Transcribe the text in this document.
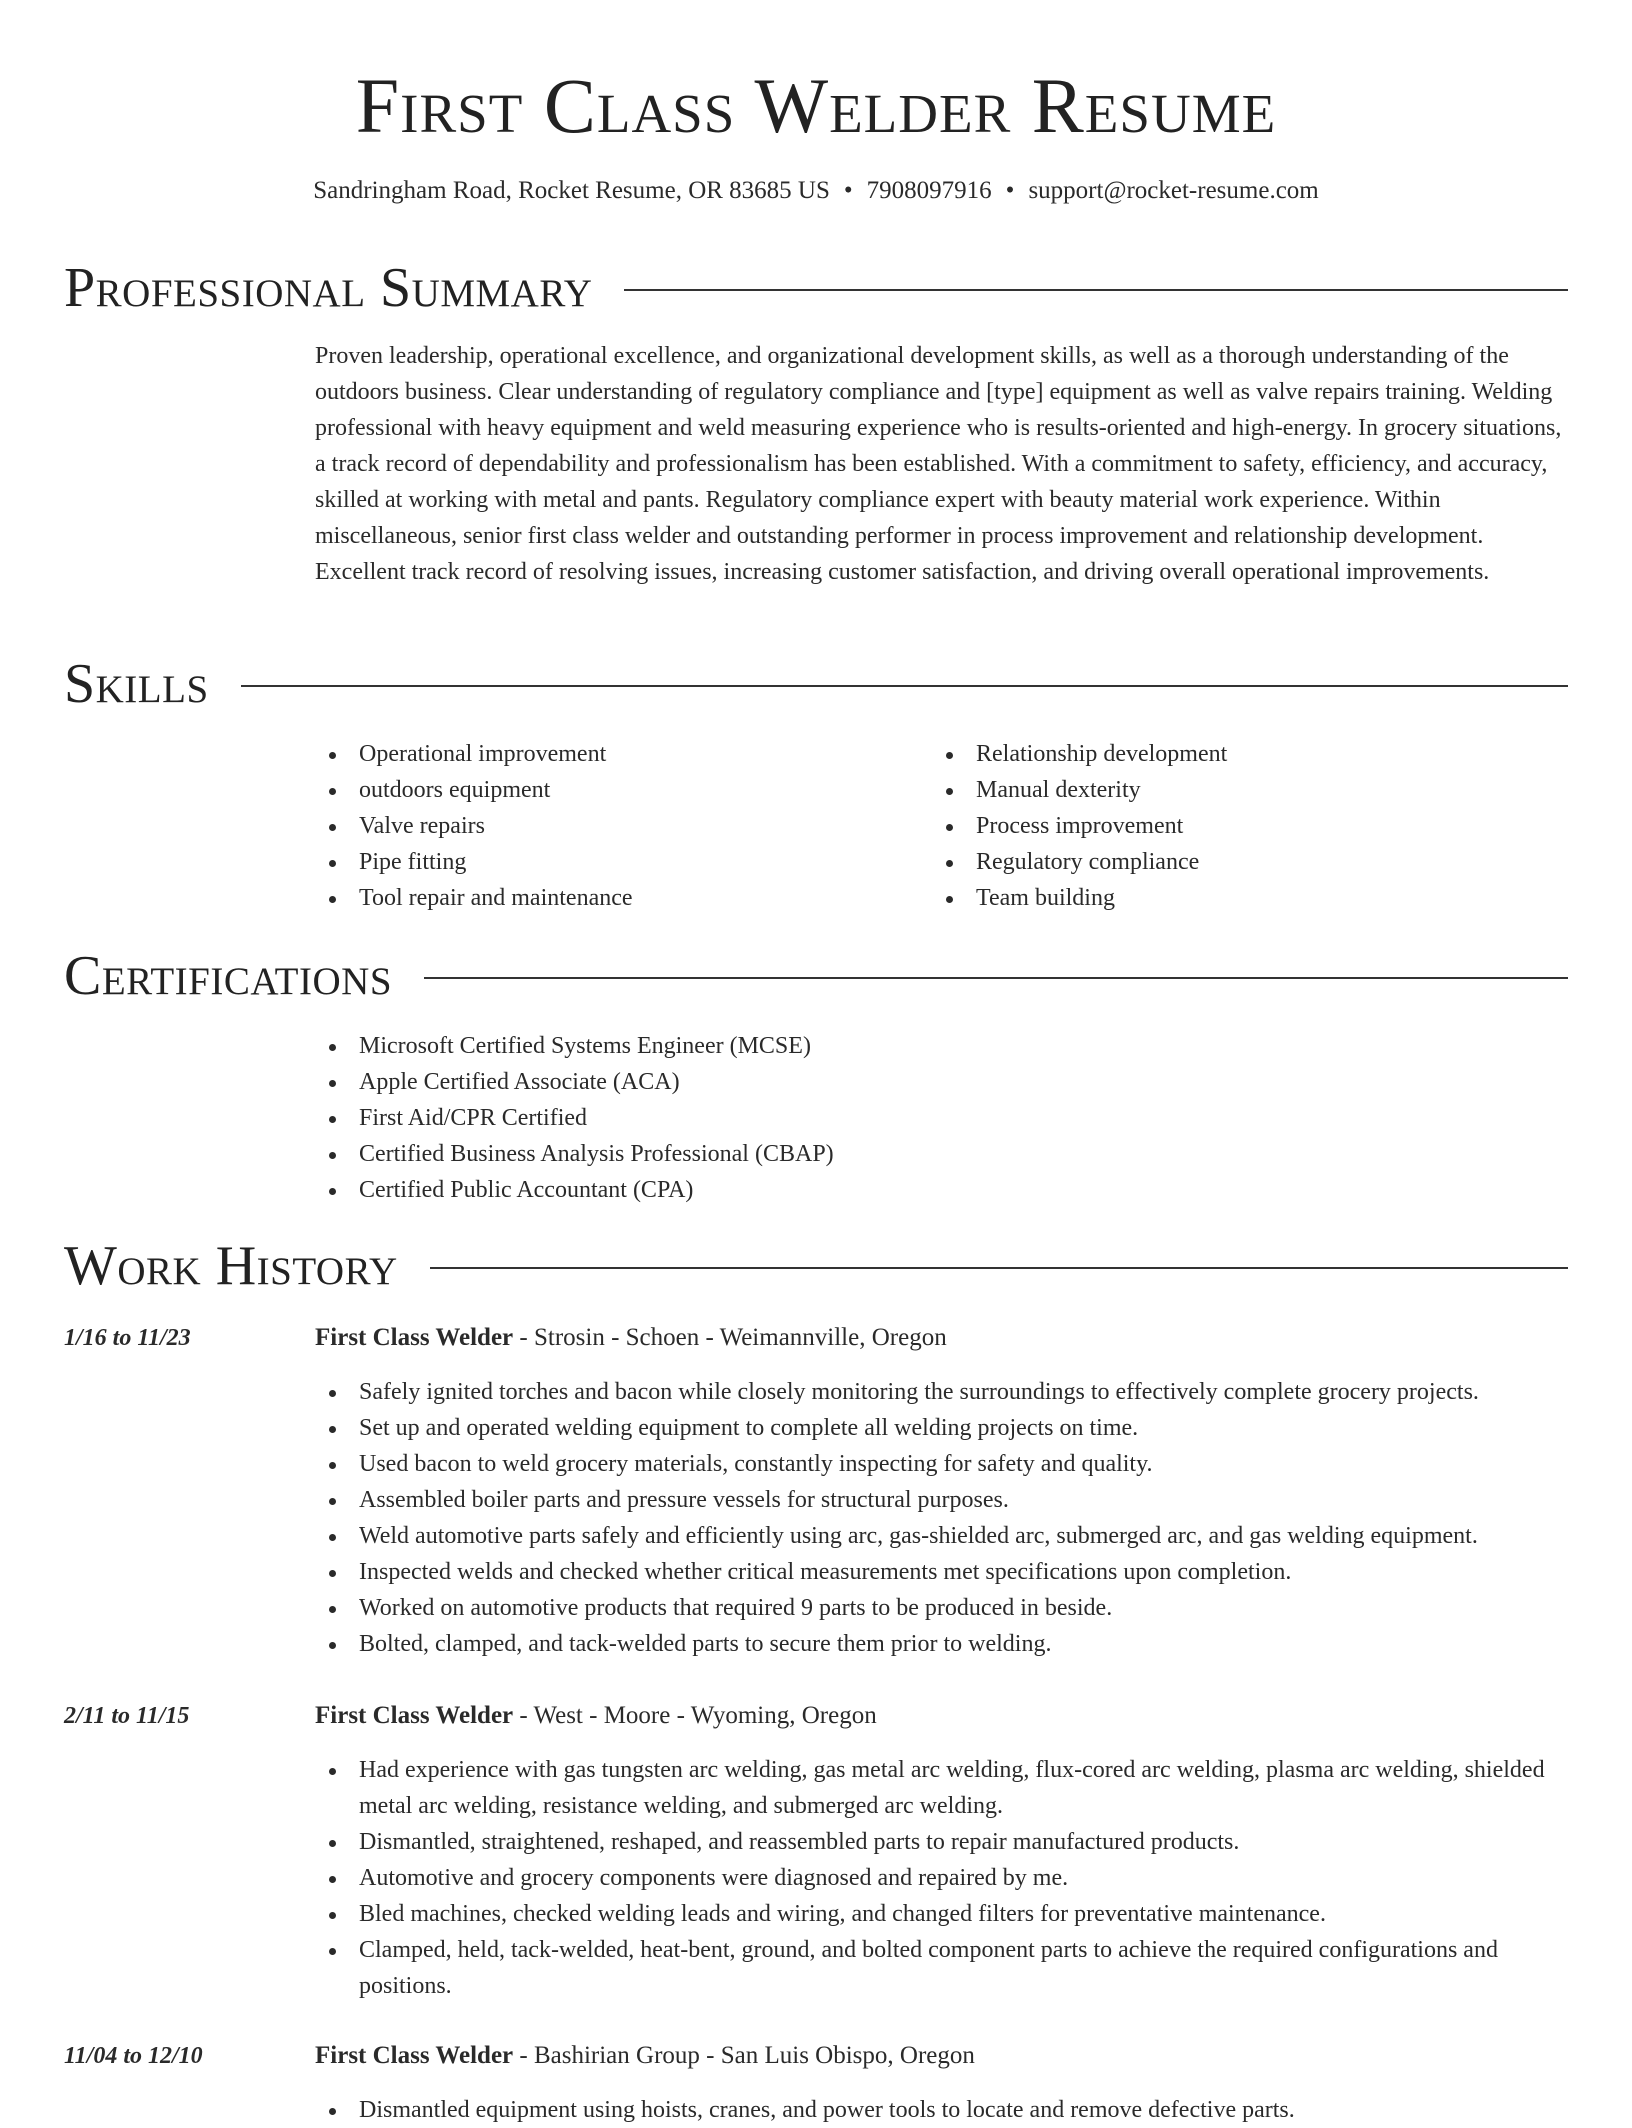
First Class Welder Resume
Sandringham Road, Rocket Resume, OR 83685 US • 7908097916 • support@rocket-resume.com
Professional Summary

Proven leadership, operational excellence, and organizational development skills, as well as a thorough understanding of the outdoors business. Clear understanding of regulatory compliance and [type] equipment as well as valve repairs training. Welding professional with heavy equipment and weld measuring experience who is results-oriented and high-energy. In grocery situations, a track record of dependability and professionalism has been established. With a commitment to safety, efficiency, and accuracy, skilled at working with metal and pants. Regulatory compliance expert with beauty material work experience. Within miscellaneous, senior first class welder and outstanding performer in process improvement and relationship development. Excellent track record of resolving issues, increasing customer satisfaction, and driving overall operational improvements.

Skills
Operational improvement
outdoors equipment
Valve repairs
Pipe fitting
Tool repair and maintenance
Relationship development
Manual dexterity
Process improvement
Regulatory compliance
Team building
Certifications
Microsoft Certified Systems Engineer (MCSE)
Apple Certified Associate (ACA)
First Aid/CPR Certified
Certified Business Analysis Professional (CBAP)
Certified Public Accountant (CPA)
Work History
1/16 to 11/23	First Class Welder - Strosin - Schoen - Weimannville, Oregon
Safely ignited torches and bacon while closely monitoring the surroundings to effectively complete grocery projects.
Set up and operated welding equipment to complete all welding projects on time.
Used bacon to weld grocery materials, constantly inspecting for safety and quality.
Assembled boiler parts and pressure vessels for structural purposes.
Weld automotive parts safely and efficiently using arc, gas-shielded arc, submerged arc, and gas welding equipment.
Inspected welds and checked whether critical measurements met specifications upon completion.
Worked on automotive products that required 9 parts to be produced in beside.
Bolted, clamped, and tack-welded parts to secure them prior to welding.
2/11 to 11/15	First Class Welder - West - Moore - Wyoming, Oregon
Had experience with gas tungsten arc welding, gas metal arc welding, flux-cored arc welding, plasma arc welding, shielded metal arc welding, resistance welding, and submerged arc welding.
Dismantled, straightened, reshaped, and reassembled parts to repair manufactured products.
Automotive and grocery components were diagnosed and repaired by me.
Bled machines, checked welding leads and wiring, and changed filters for preventative maintenance.
Clamped, held, tack-welded, heat-bent, ground, and bolted component parts to achieve the required configurations and positions.
11/04 to 12/10	First Class Welder - Bashirian Group - San Luis Obispo, Oregon
Dismantled equipment using hoists, cranes, and power tools to locate and remove defective parts.
